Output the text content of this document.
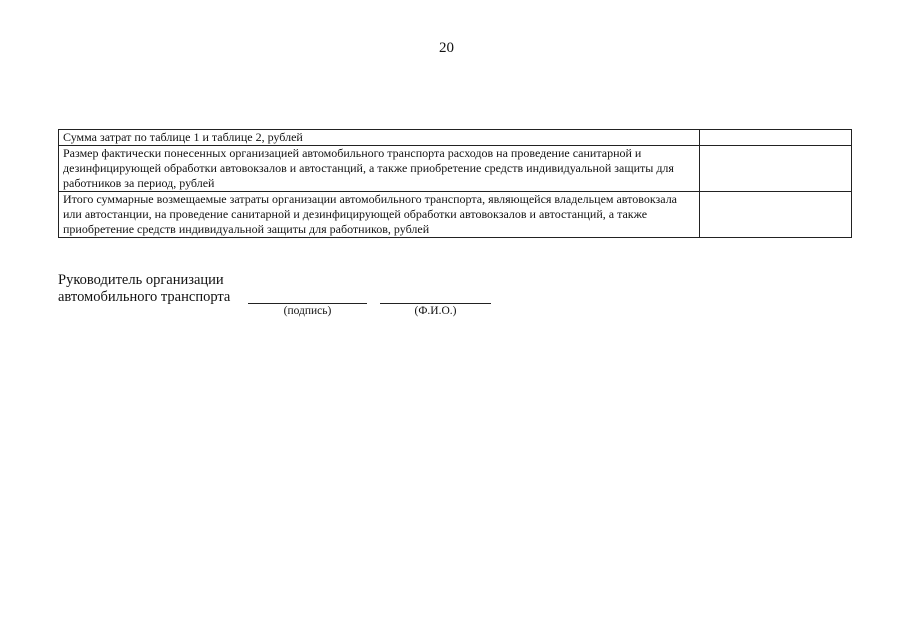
20
Сумма затрат по таблице 1 и таблице 2, рублей	
Размер фактически понесенных организацией автомобильного транспорта расходов на проведение санитарной и дезинфицирующей обработки автовокзалов и автостанций, а также приобретение средств индивидуальной защиты для работников за период, рублей	
Итого суммарные возмещаемые затраты организации автомобильного транспорта, являющейся владельцем автовокзала или автостанции, на проведение санитарной и дезинфицирующей обработки автовокзалов и автостанций, а также приобретение средств индивидуальной защиты для работников, рублей	
Руководитель организации
автомобильного транспорта
(подпись)	(Ф.И.О.)
